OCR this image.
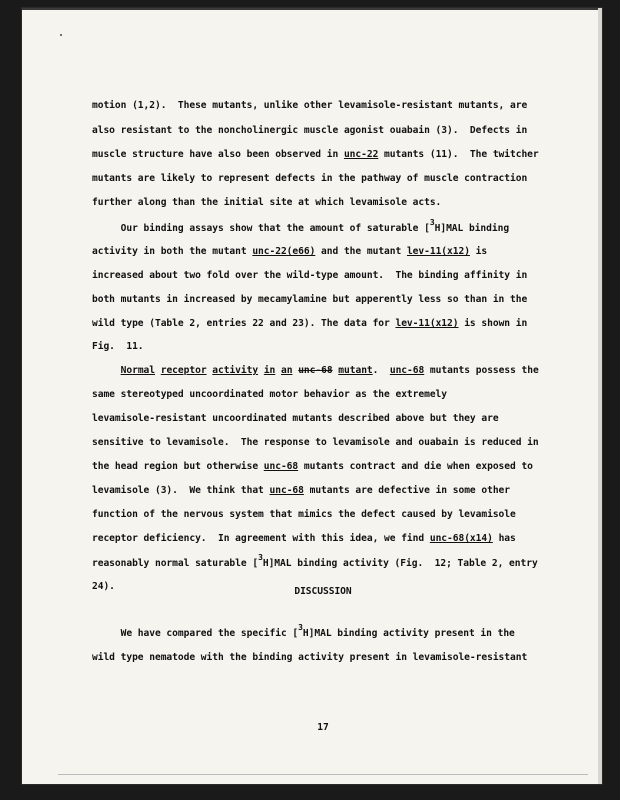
DISCUSSION

17

motion (1,2).  These mutants, unlike other levamisole-resistant mutants, are
also resistant to the noncholinergic muscle agonist ouabain (3).  Defects in
muscle structure have also been observed in unc-22 mutants (11).  The twitcher
mutants are likely to represent defects in the pathway of muscle contraction
further along than the initial site at which levamisole acts.
Our binding assays show that the amount of saturable [$^3$H]MAL binding
activity in both the mutant unc-22(e66) and the mutant lev-11(x12) is
increased about two fold over the wild-type amount.  The binding affinity in
both mutants in increased by mecamylamine but apperently less so than in the
wild type (Table 2, entries 22 and 23). The data for lev-11(x12) is shown in
Fig.  11.
Normal receptor activity in an unc-68 mutant.  unc-68 mutants possess the
same stereotyped uncoordinated motor behavior as the extremely
levamisole-resistant uncoordinated mutants described above but they are
sensitive to levamisole.  The response to levamisole and ouabain is reduced in
the head region but otherwise unc-68 mutants contract and die when exposed to
levamisole (3).  We think that unc-68 mutants are defective in some other
function of the nervous system that mimics the defect caused by levamisole
receptor deficiency.  In agreement with this idea, we find unc-68(x14) has
reasonably normal saturable [$^3$H]MAL binding activity (Fig.  12; Table 2, entry
24).
We have compared the specific [$^3$H]MAL binding activity present in the
wild type nematode with the binding activity present in levamisole-resistant
